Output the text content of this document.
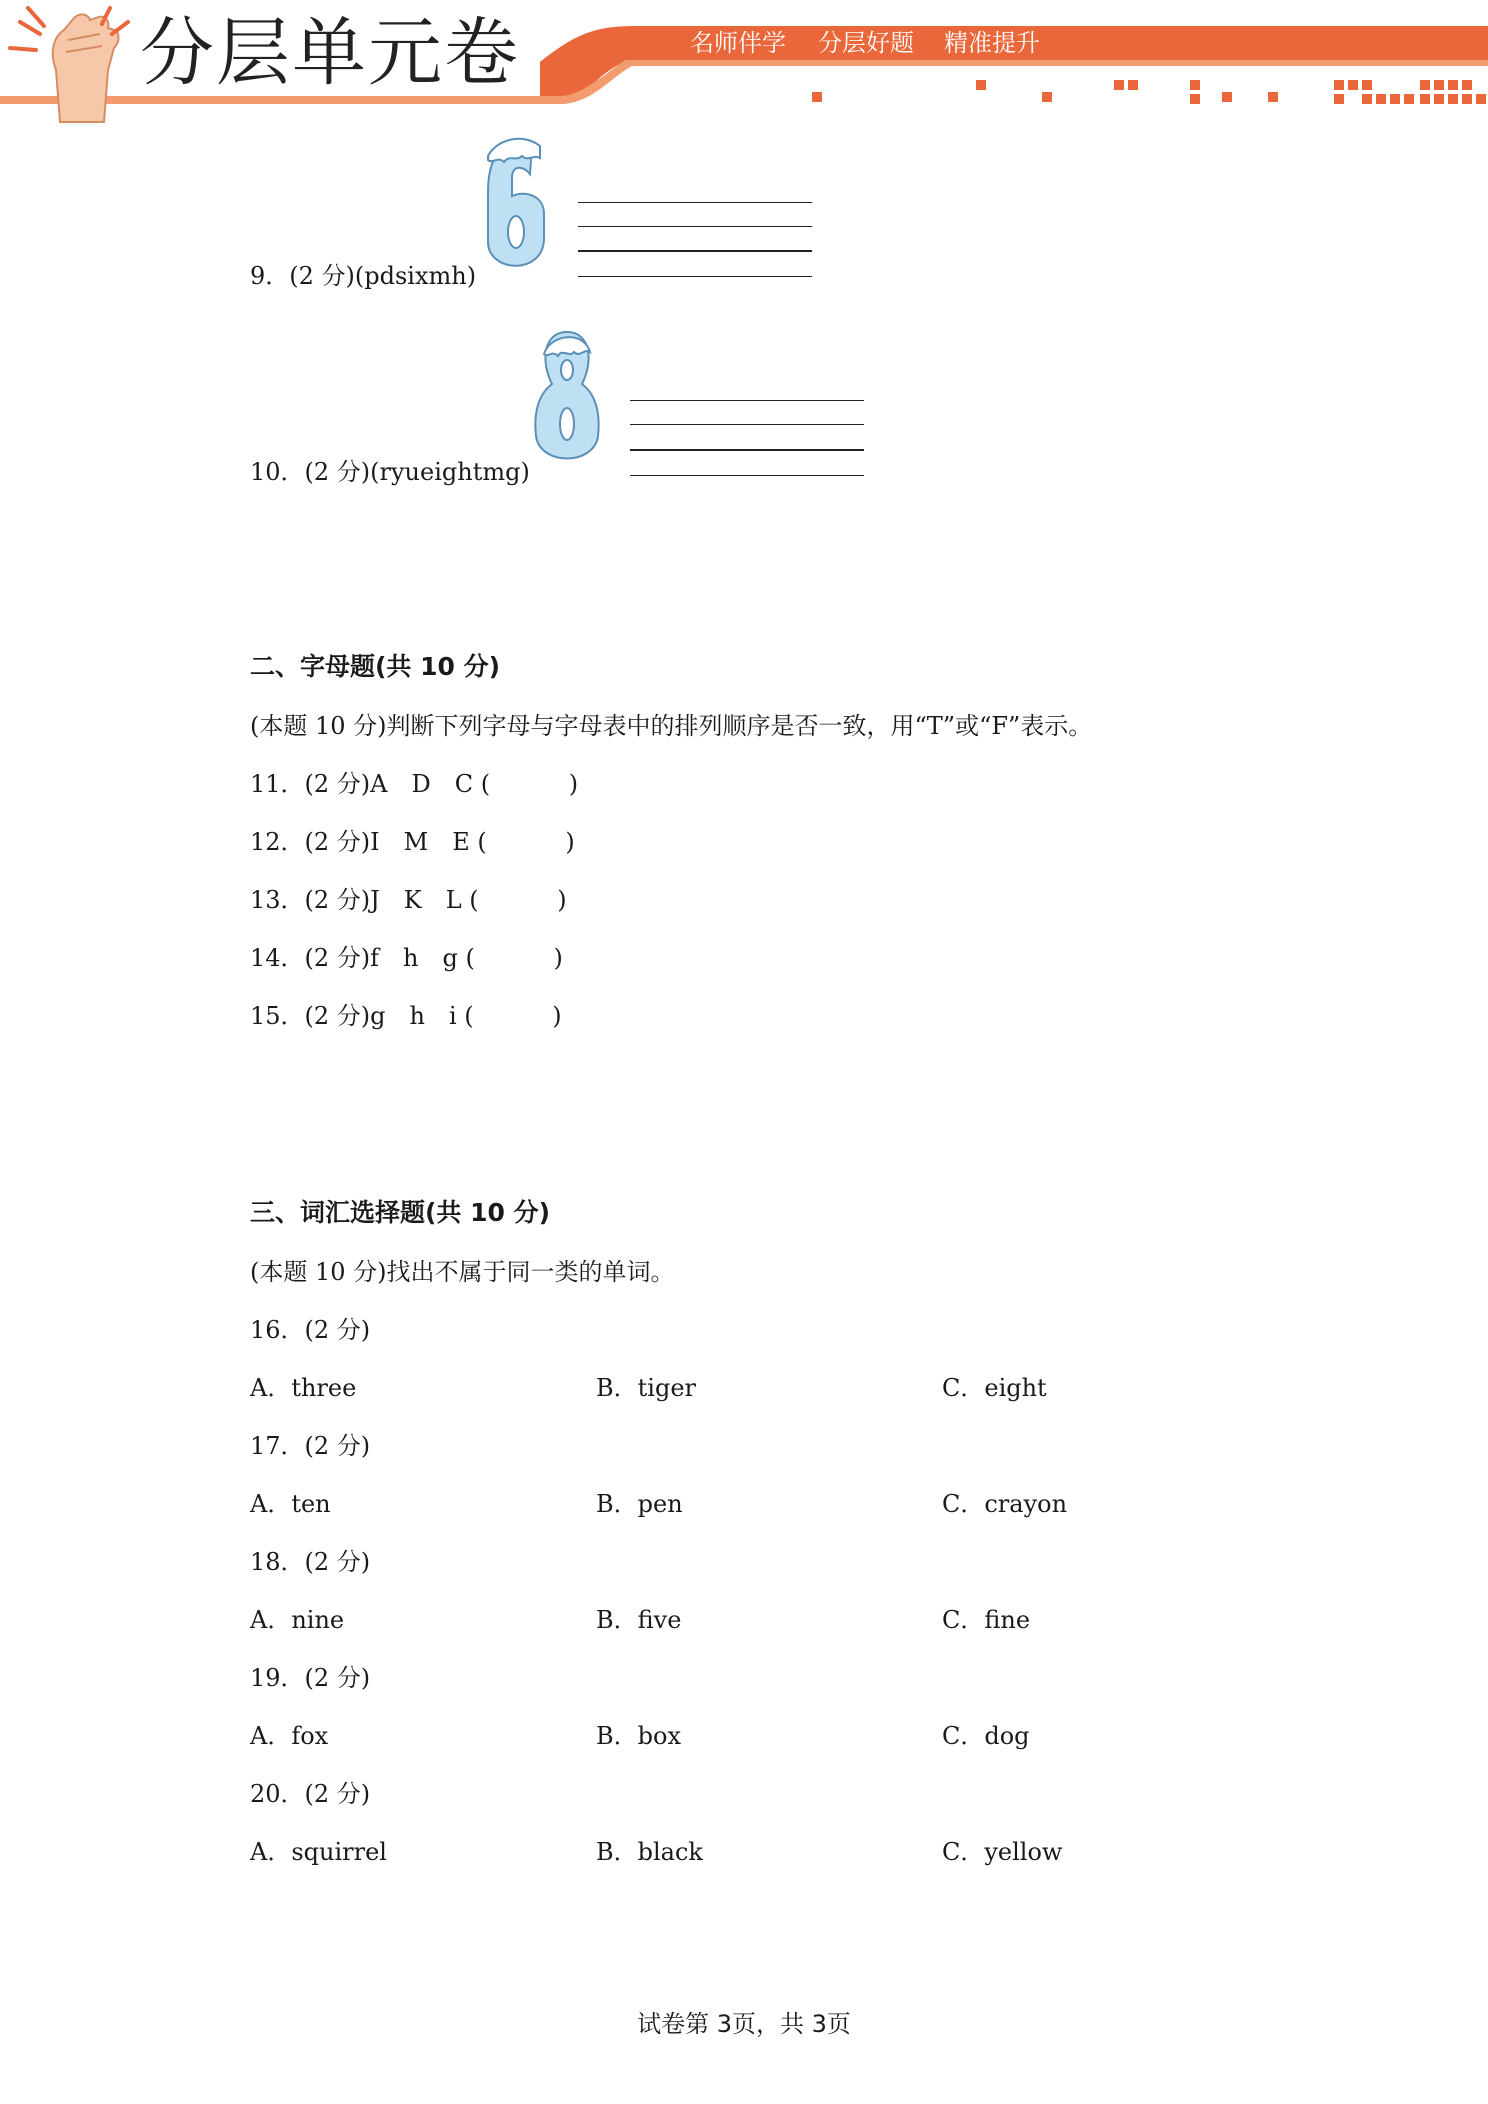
分层单元卷	名师伴学 分层好题 精准提升
9．(2 分)(pdsixmh)
10．(2 分)(ryueightmg)
二、字母题(共 10 分)
(本题 10 分)判断下列字母与字母表中的排列顺序是否一致，用“T”或“F”表示。
11．(2 分)A　D　C (	)
12．(2 分)I　M　E (	)
13．(2 分)J　K　L (	)
14．(2 分)f　h　g (	)
15．(2 分)g　h　i (	)
三、词汇选择题(共 10 分)
(本题 10 分)找出不属于同一类的单词。
16．(2 分)
A．three	B．tiger	C．eight
17．(2 分)
A．ten	B．pen	C．crayon
18．(2 分)
A．nine	B．five	C．fine
19．(2 分)
A．fox	B．box	C．dog
20．(2 分)
A．squirrel	B．black	C．yellow
试卷第 3页，共 3页
